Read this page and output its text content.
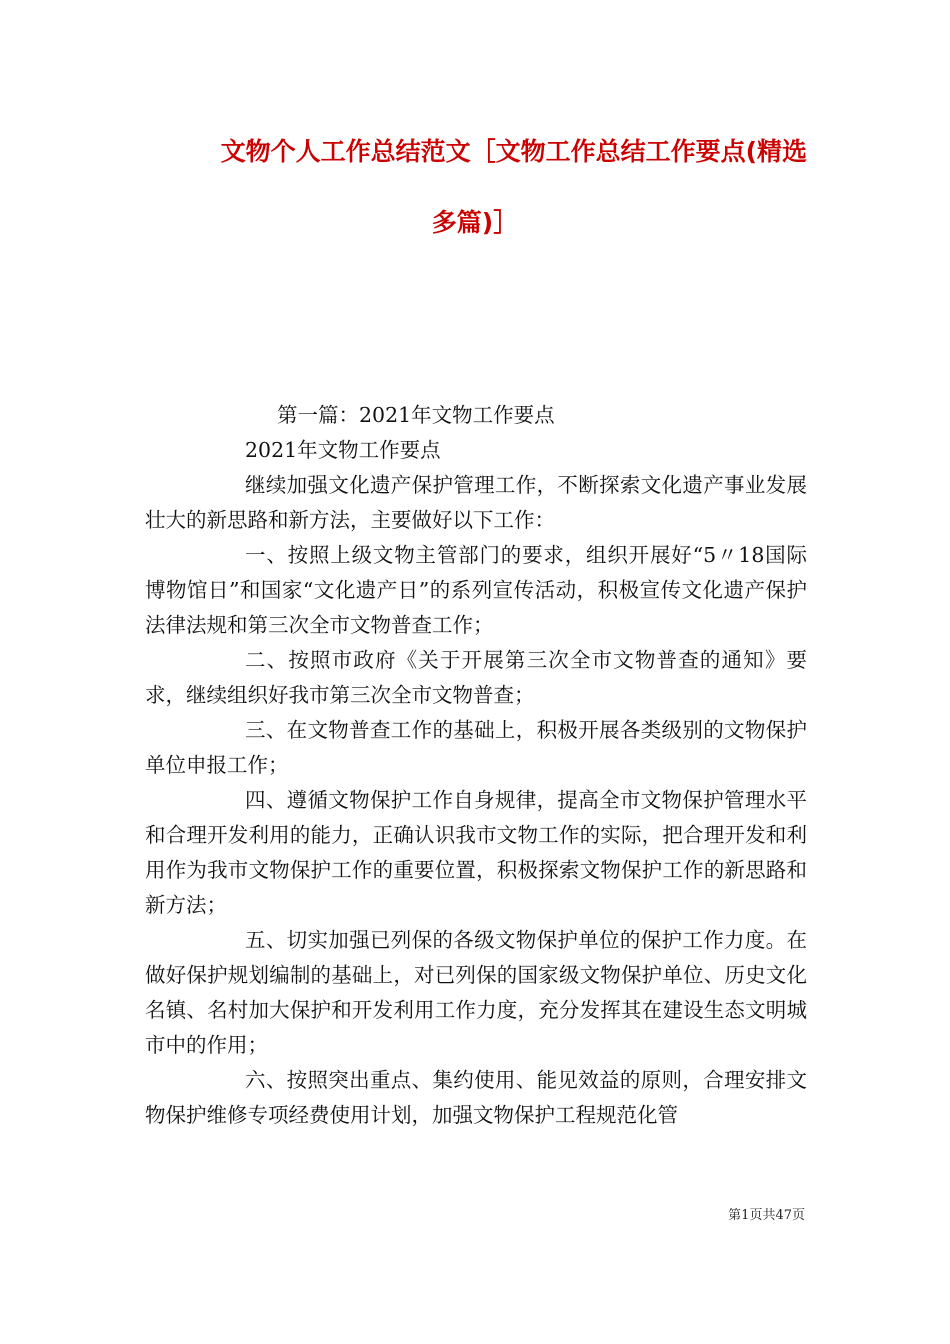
文物个人工作总结范文［文物工作总结工作要点(精选
多篇)］

第一篇：2021年文物工作要点

2021年文物工作要点

继续加强文化遗产保护管理工作，不断探索文化遗产事业发展壮大的新思路和新方法，主要做好以下工作：

一、按照上级文物主管部门的要求，组织开展好“5〃18国际博物馆日”和国家“文化遗产日”的系列宣传活动，积极宣传文化遗产保护法律法规和第三次全市文物普查工作；

二、按照市政府《关于开展第三次全市文物普查的通知》要求，继续组织好我市第三次全市文物普查；

三、在文物普查工作的基础上，积极开展各类级别的文物保护单位申报工作；

四、遵循文物保护工作自身规律，提高全市文物保护管理水平和合理开发利用的能力，正确认识我市文物工作的实际，把合理开发和利用作为我市文物保护工作的重要位置，积极探索文物保护工作的新思路和新方法；

五、切实加强已列保的各级文物保护单位的保护工作力度。在做好保护规划编制的基础上，对已列保的国家级文物保护单位、历史文化名镇、名村加大保护和开发利用工作力度，充分发挥其在建设生态文明城市中的作用；

六、按照突出重点、集约使用、能见效益的原则，合理安排文物保护维修专项经费使用计划，加强文物保护工程规范化管

第1页共47页
